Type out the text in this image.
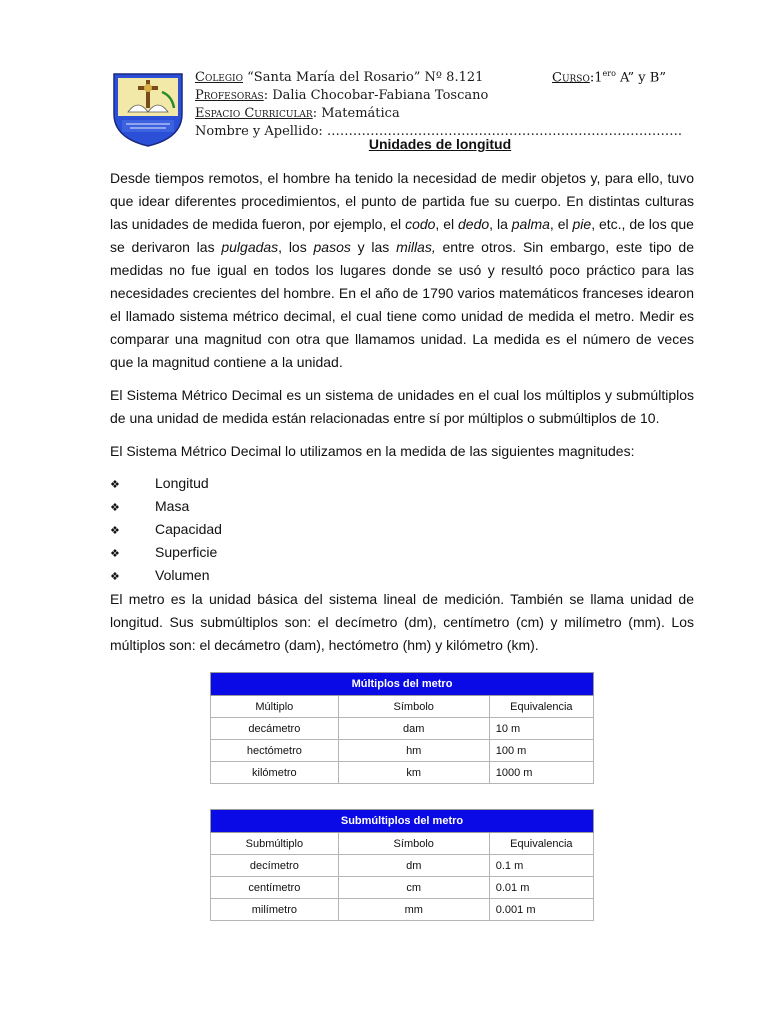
Colegio “Santa María del Rosario” Nº 8.121
Profesoras: Dalia Chocobar-Fabiana Toscano
Espacio Curricular: Matemática
Nombre y Apellido: ……………………………………………………………………….
$Curso:1^{ero}$ A” y B”
Unidades de longitud
Desde tiempos remotos, el hombre ha tenido la necesidad de medir objetos y, para ello, tuvo que idear diferentes procedimientos, el punto de partida fue su cuerpo. En distintas culturas las unidades de medida fueron, por ejemplo, el codo, el dedo, la palma, el pie, etc., de los que se derivaron las pulgadas, los pasos y las millas, entre otros. Sin embargo, este tipo de medidas no fue igual en todos los lugares donde se usó y resultó poco práctico para las necesidades crecientes del hombre. En el año de 1790 varios matemáticos franceses idearon el llamado sistema métrico decimal, el cual tiene como unidad de medida el metro. Medir es comparar una magnitud con otra que llamamos unidad. La medida es el número de veces que la magnitud contiene a la unidad.
El Sistema Métrico Decimal es un sistema de unidades en el cual los múltiplos y submúltiplos de una unidad de medida están relacionadas entre sí por múltiplos o submúltiplos de 10.
El Sistema Métrico Decimal lo utilizamos en la medida de las siguientes magnitudes:
❖	Longitud
❖	Masa
❖	Capacidad
❖	Superficie
❖	Volumen
El metro es la unidad básica del sistema lineal de medición. También se llama unidad de longitud. Sus submúltiplos son: el decímetro (dm), centímetro (cm) y milímetro (mm). Los múltiplos son: el decámetro (dam), hectómetro (hm) y kilómetro (km).
Múltiplos del metro		
Múltiplo	Símbolo	Equivalencia
decámetro	dam	10 m
hectómetro	hm	100 m
kilómetro	km	1000 m
Submúltiplos del metro		
Submúltiplo	Símbolo	Equivalencia
decímetro	dm	0.1 m
centímetro	cm	0.01 m
milímetro	mm	0.001 m
